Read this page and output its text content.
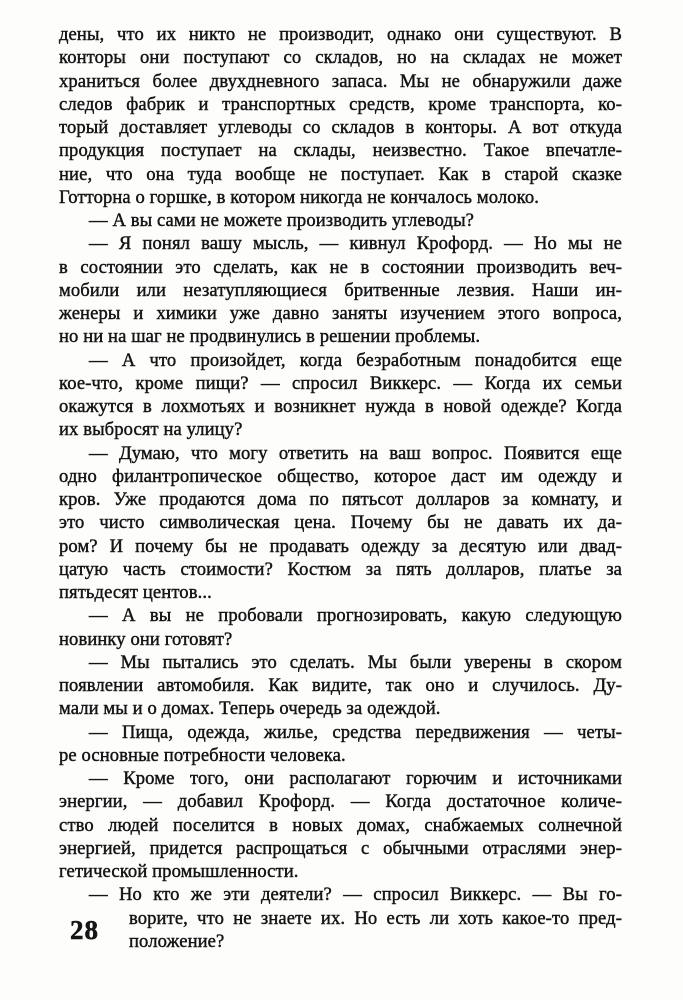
дены, что их никто не производит, однако они существуют. В
конторы они поступают со складов, но на складах не может
храниться более двухдневного запаса. Мы не обнаружили даже
следов фабрик и транспортных средств, кроме транспорта, ко-
торый доставляет углеводы со складов в конторы. А вот откуда
продукция поступает на склады, неизвестно. Такое впечатле-
ние, что она туда вообще не поступает. Как в старой сказке
Готторна о горшке, в котором никогда не кончалось молоко.
— А вы сами не можете производить углеводы?
— Я понял вашу мысль, — кивнул Крофорд. — Но мы не
в состоянии это сделать, как не в состоянии производить веч-
мобили или незатупляющиеся бритвенные лезвия. Наши ин-
женеры и химики уже давно заняты изучением этого вопроса,
но ни на шаг не продвинулись в решении проблемы.
— А что произойдет, когда безработным понадобится еще
кое-что, кроме пищи? — спросил Виккерс. — Когда их семьи
окажутся в лохмотьях и возникнет нужда в новой одежде? Когда
их выбросят на улицу?
— Думаю, что могу ответить на ваш вопрос. Появится еще
одно филантропическое общество, которое даст им одежду и
кров. Уже продаются дома по пятьсот долларов за комнату, и
это чисто символическая цена. Почему бы не давать их да-
ром? И почему бы не продавать одежду за десятую или двад-
цатую часть стоимости? Костюм за пять долларов, платье за
пятьдесят центов...
— А вы не пробовали прогнозировать, какую следующую
новинку они готовят?
— Мы пытались это сделать. Мы были уверены в скором
появлении автомобиля. Как видите, так оно и случилось. Ду-
мали мы и о домах. Теперь очередь за одеждой.
— Пища, одежда, жилье, средства передвижения — четы-
ре основные потребности человека.
— Кроме того, они располагают горючим и источниками
энергии, — добавил Крофорд. — Когда достаточное количе-
ство людей поселится в новых домах, снабжаемых солнечной
энергией, придется распрощаться с обычными отраслями энер-
гетической промышленности.
— Но кто же эти деятели? — спросил Виккерс. — Вы го-
ворите, что не знаете их. Но есть ли хоть какое-то пред-
положение?
28
